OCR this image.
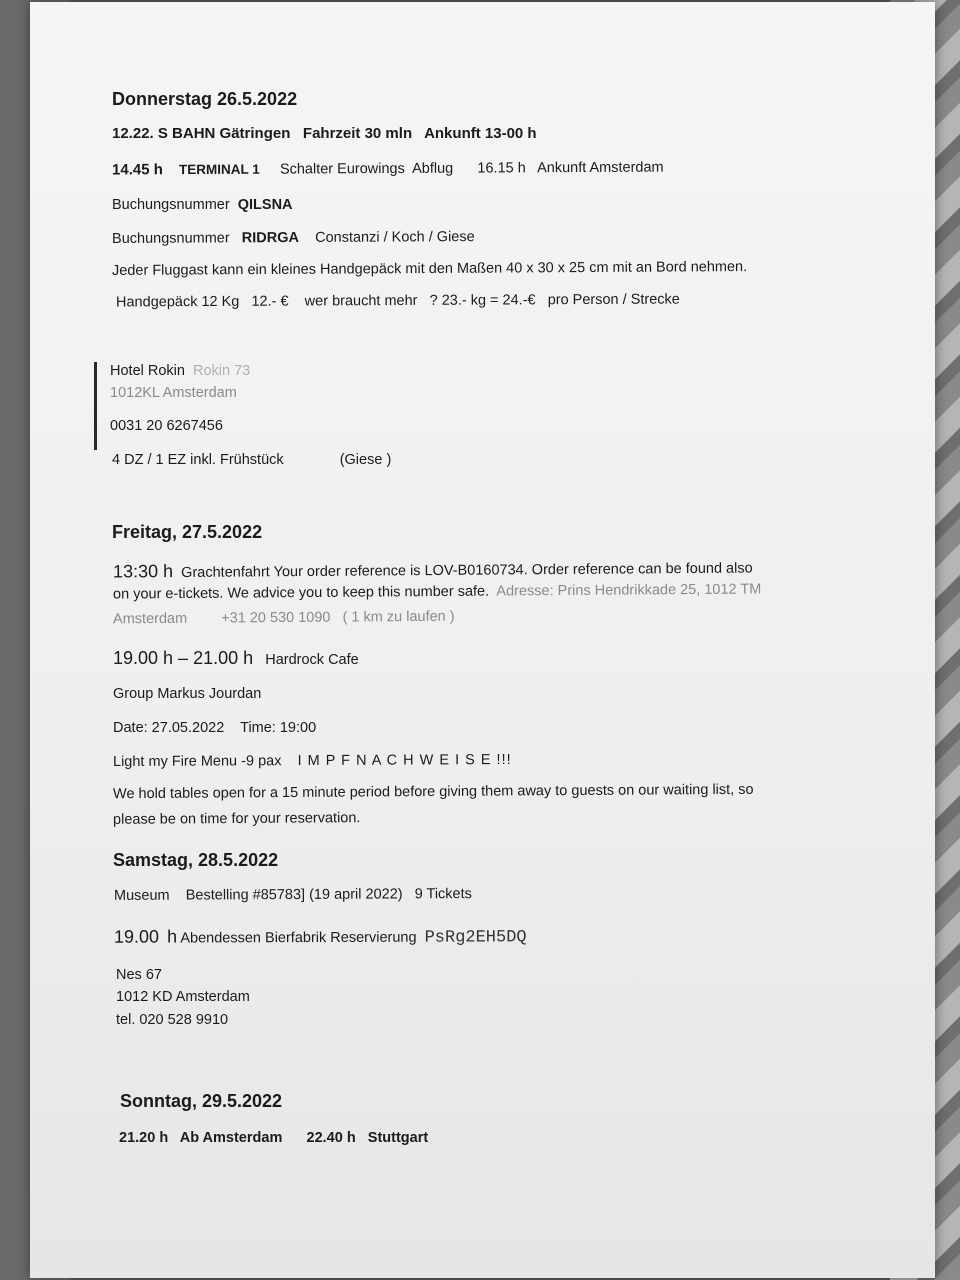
Donnerstag 26.5.2022
12.22. S BAHN Gätringen Fahrzeit 30 mln Ankunft 13-00 h
14.45 h TERMINAL 1 Schalter Eurowings Abflug 16.15 h Ankunft Amsterdam
Buchungsnummer QILSNA
Buchungsnummer RIDRGA Constanzi / Koch / Giese
Jeder Fluggast kann ein kleines Handgepäck mit den Maßen 40 x 30 x 25 cm mit an Bord nehmen.
Handgepäck 12 Kg 12.- € wer braucht mehr ? 23.- kg = 24.-€ pro Person / Strecke
Hotel Rokin Rokin 73
1012KL Amsterdam
0031 20 6267456
4 DZ / 1 EZ inkl. Frühstück	(Giese )
Freitag, 27.5.2022
13:30 h Grachtenfahrt Your order reference is LOV-B0160734. Order reference can be found also
on your e-tickets. We advice you to keep this number safe. Adresse: Prins Hendrikkade 25, 1012 TM
Amsterdam +31 20 530 1090 ( 1 km zu laufen )
19.00 h – 21.00 h Hardrock Cafe
Group Markus Jourdan
Date: 27.05.2022 Time: 19:00
Light my Fire Menu -9 pax I M P F N A C H W E I S E !!!
We hold tables open for a 15 minute period before giving them away to guests on our waiting list, so
please be on time for your reservation.
Samstag, 28.5.2022
Museum Bestelling #85783] (19 april 2022) 9 Tickets
19.00 h Abendessen Bierfabrik Reservierung PsRg2EH5DQ
Nes 67
1012 KD Amsterdam
tel. 020 528 9910
Sonntag, 29.5.2022
21.20 h Ab Amsterdam 22.40 h Stuttgart
